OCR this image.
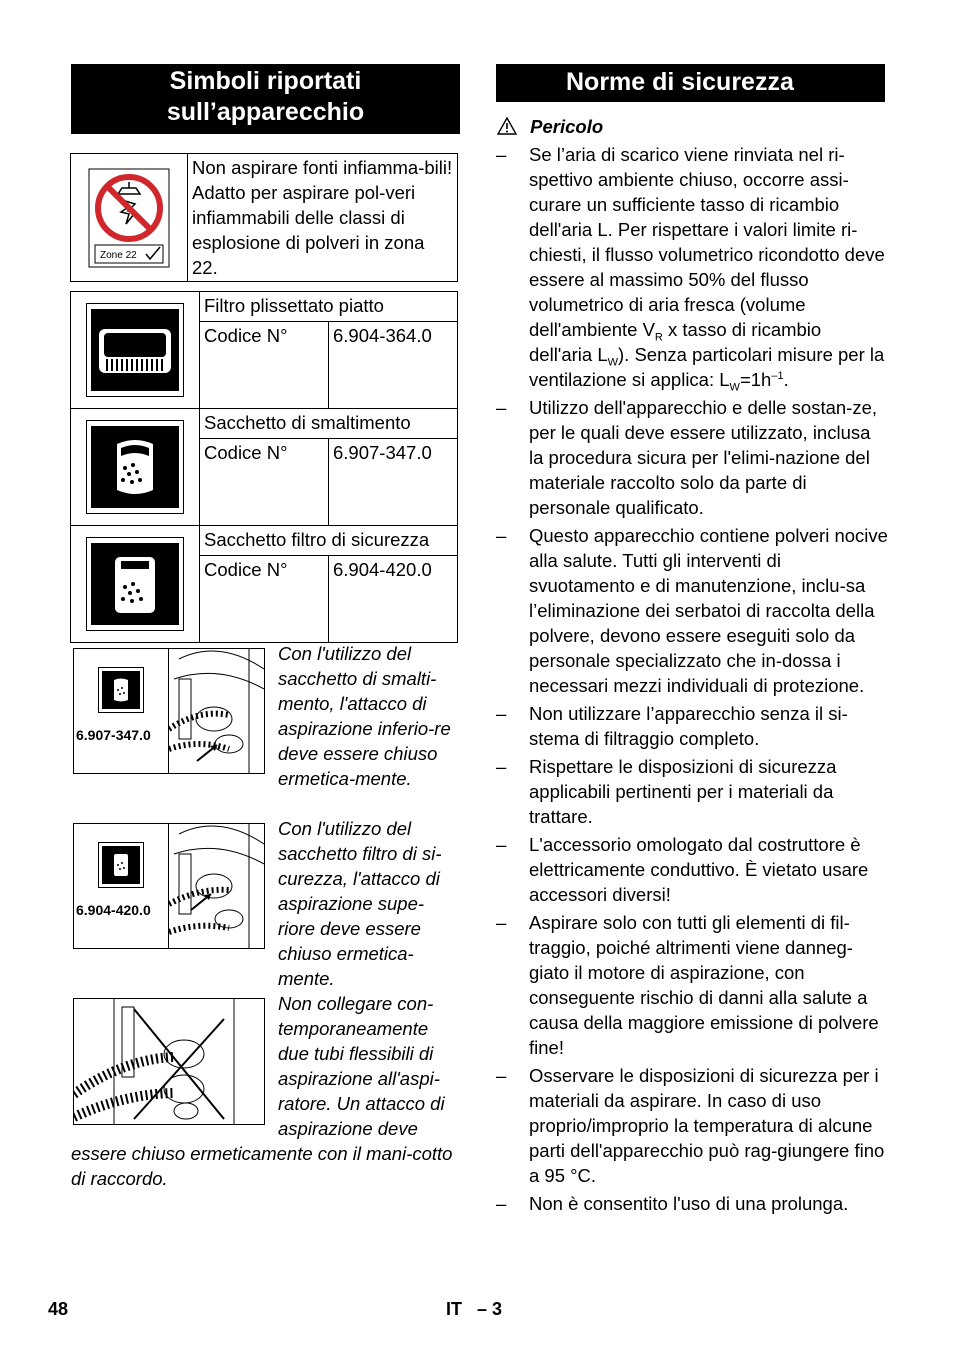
Simboli riportati
sull’apparecchio
Zone 22
	Non aspirare fonti infiamma-bili! Adatto per aspirare pol-veri infiammabili delle classi di esplosione di polveri in zona 22.
	Filtro plissettato piatto	
	Codice N°	6.904-364.0

	Sacchetto di smaltimento	
	Codice N°	6.907-347.0

	Sacchetto filtro di sicurezza	
	Codice N°	6.904-420.0
6.907-347.0
Con l'utilizzo del sacchetto di smalti-mento, l'attacco di aspirazione inferio-re deve essere chiuso ermetica-mente.
6.904-420.0
Con l'utilizzo del sacchetto filtro di si-curezza, l'attacco di aspirazione supe-riore deve essere chiuso ermetica-mente.
Non collegare con-temporaneamente due tubi flessibili di aspirazione all'aspi-ratore. Un attacco di aspirazione deve
essere chiuso ermeticamente con il mani-cotto di raccordo.
Norme di sicurezza
Pericolo
– Se l’aria di scarico viene rinviata nel ri-spettivo ambiente chiuso, occorre assi-curare un sufficiente tasso di ricambio dell'aria L. Per rispettare i valori limite ri-chiesti, il flusso volumetrico ricondotto deve essere al massimo 50% del flusso volumetrico di aria fresca (volume dell'ambiente $V_R$ x tasso di ricambio dell'aria $L_W$). Senza particolari misure per la ventilazione si applica: $L_W=1h^{-1}$.
– Utilizzo dell'apparecchio e delle sostan-ze, per le quali deve essere utilizzato, inclusa la procedura sicura per l'elimi-nazione del materiale raccolto solo da parte di personale qualificato.
– Questo apparecchio contiene polveri nocive alla salute. Tutti gli interventi di svuotamento e di manutenzione, inclu-sa l’eliminazione dei serbatoi di raccolta della polvere, devono essere eseguiti solo da personale specializzato che in-dossa i necessari mezzi individuali di protezione.
– Non utilizzare l’apparecchio senza il si-stema di filtraggio completo.
– Rispettare le disposizioni di sicurezza applicabili pertinenti per i materiali da trattare.
– L'accessorio omologato dal costruttore è elettricamente conduttivo. È vietato usare accessori diversi!
– Aspirare solo con tutti gli elementi di fil-traggio, poiché altrimenti viene danneg-giato il motore di aspirazione, con conseguente rischio di danni alla salute a causa della maggiore emissione di polvere fine!
– Osservare le disposizioni di sicurezza per i materiali da aspirare. In caso di uso proprio/improprio la temperatura di alcune parti dell'apparecchio può rag-giungere fino a 95 °C.
– Non è consentito l'uso di una prolunga.
48	IT – 3
